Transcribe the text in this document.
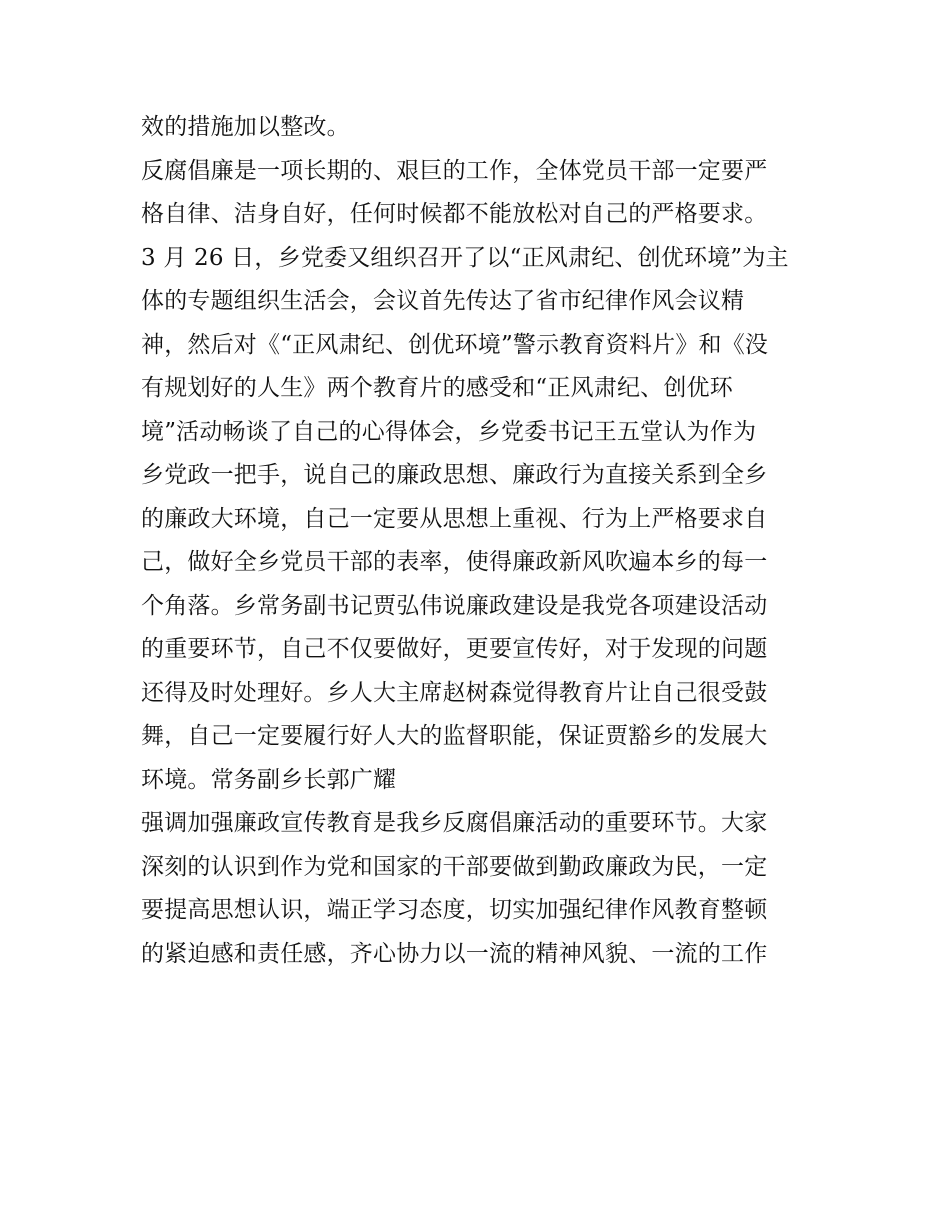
效的措施加以整改。
反腐倡廉是一项长期的、艰巨的工作，全体党员干部一定要严
格自律、洁身自好，任何时候都不能放松对自己的严格要求。
3 月 26 日，乡党委又组织召开了以“正风肃纪、创优环境”为主
体的专题组织生活会，会议首先传达了省市纪律作风会议精
神，然后对《“正风肃纪、创优环境”警示教育资料片》和《没
有规划好的人生》两个教育片的感受和“正风肃纪、创优环
境”活动畅谈了自己的心得体会，乡党委书记王五堂认为作为
乡党政一把手，说自己的廉政思想、廉政行为直接关系到全乡
的廉政大环境，自己一定要从思想上重视、行为上严格要求自
己，做好全乡党员干部的表率，使得廉政新风吹遍本乡的每一
个角落。乡常务副书记贾弘伟说廉政建设是我党各项建设活动
的重要环节，自己不仅要做好，更要宣传好，对于发现的问题
还得及时处理好。乡人大主席赵树森觉得教育片让自己很受鼓
舞，自己一定要履行好人大的监督职能，保证贾豁乡的发展大
环境。常务副乡长郭广耀
强调加强廉政宣传教育是我乡反腐倡廉活动的重要环节。大家
深刻的认识到作为党和国家的干部要做到勤政廉政为民，一定
要提高思想认识，端正学习态度，切实加强纪律作风教育整顿
的紧迫感和责任感，齐心协力以一流的精神风貌、一流的工作
